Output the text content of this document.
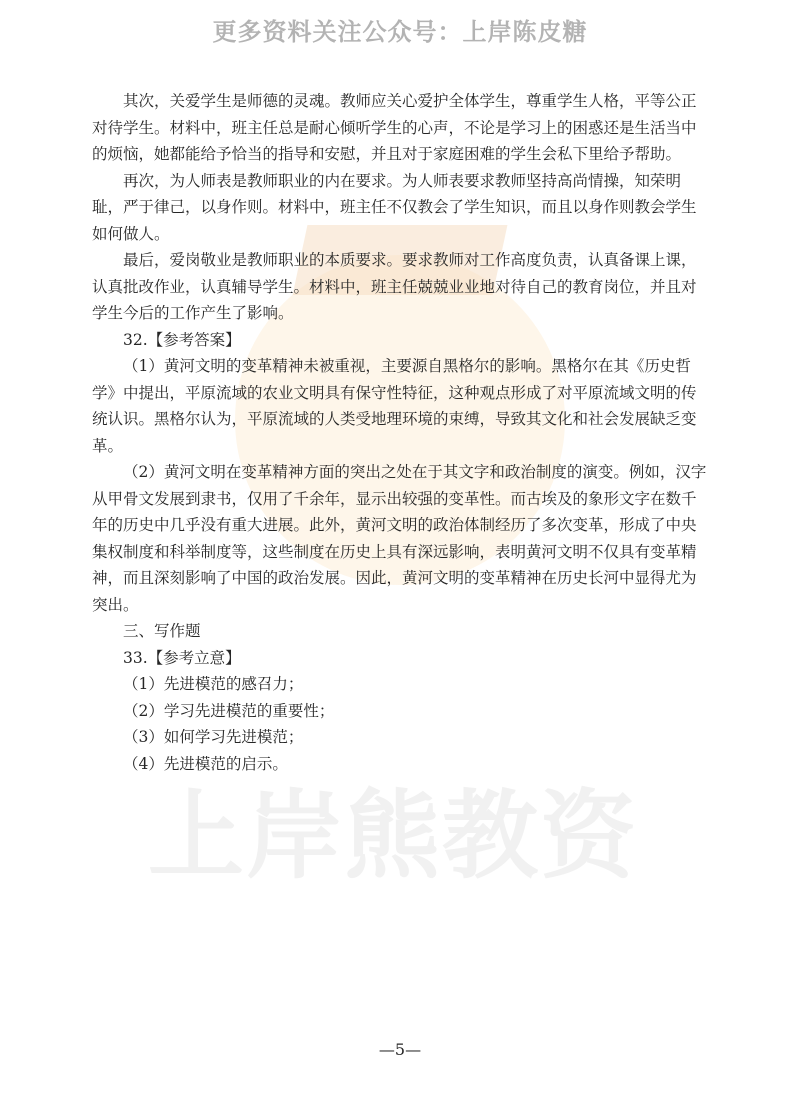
更多资料关注公众号：上岸陈皮糖
上岸熊教资

其次，关爱学生是师德的灵魂。教师应关心爱护全体学生，尊重学生人格，平等公正对待学生。材料中，班主任总是耐心倾听学生的心声，不论是学习上的困惑还是生活当中的烦恼，她都能给予恰当的指导和安慰，并且对于家庭困难的学生会私下里给予帮助。

再次，为人师表是教师职业的内在要求。为人师表要求教师坚持高尚情操，知荣明耻，严于律己，以身作则。材料中，班主任不仅教会了学生知识，而且以身作则教会学生如何做人。

最后，爱岗敬业是教师职业的本质要求。要求教师对工作高度负责，认真备课上课，认真批改作业，认真辅导学生。材料中，班主任兢兢业业地对待自己的教育岗位，并且对学生今后的工作产生了影响。

32.【参考答案】

（1）黄河文明的变革精神未被重视，主要源自黑格尔的影响。黑格尔在其《历史哲学》中提出，平原流域的农业文明具有保守性特征，这种观点形成了对平原流域文明的传统认识。黑格尔认为，平原流域的人类受地理环境的束缚，导致其文化和社会发展缺乏变革。

（2）黄河文明在变革精神方面的突出之处在于其文字和政治制度的演变。例如，汉字从甲骨文发展到隶书，仅用了千余年，显示出较强的变革性。而古埃及的象形文字在数千年的历史中几乎没有重大进展。此外，黄河文明的政治体制经历了多次变革，形成了中央集权制度和科举制度等，这些制度在历史上具有深远影响，表明黄河文明不仅具有变革精神，而且深刻影响了中国的政治发展。因此，黄河文明的变革精神在历史长河中显得尤为突出。

三、写作题

33.【参考立意】

（1）先进模范的感召力；

（2）学习先进模范的重要性；

（3）如何学习先进模范；

（4）先进模范的启示。

—5—
